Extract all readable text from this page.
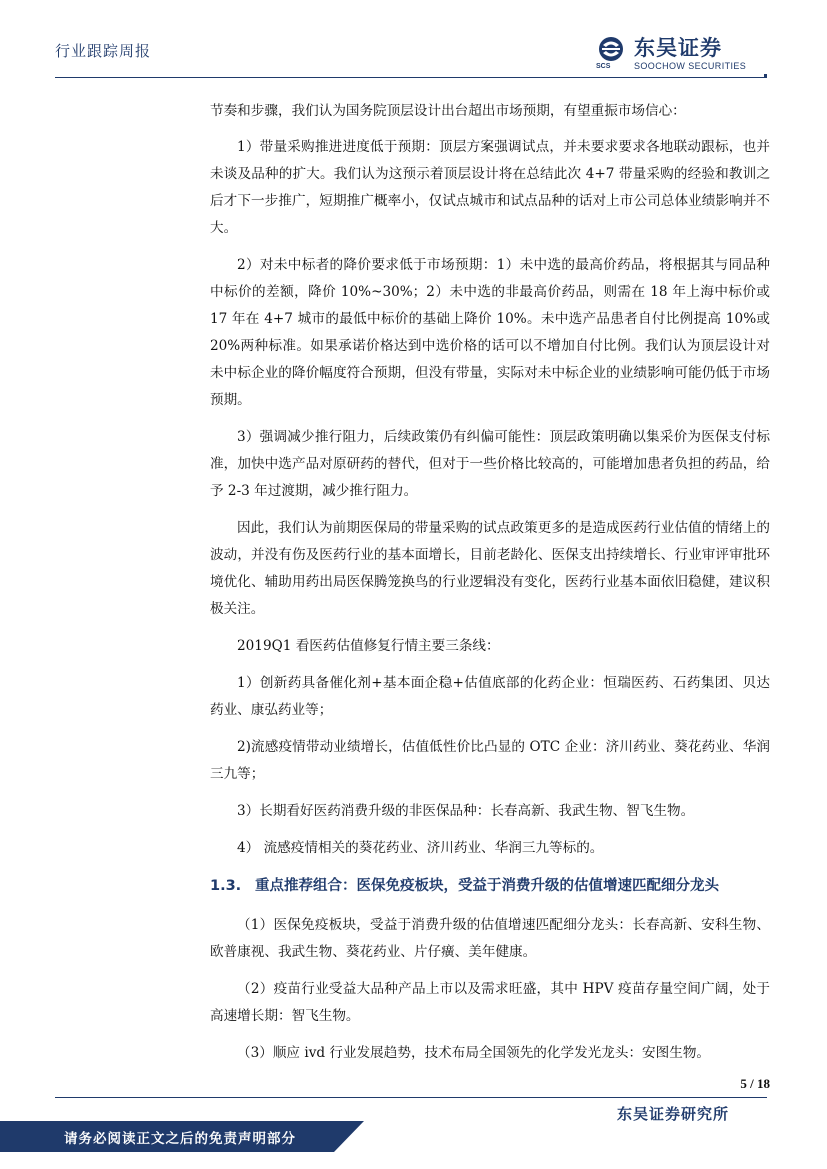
行业跟踪周报
SCS
东吴证券
SOOCHOW SECURITIES

节奏和步骤，我们认为国务院顶层设计出台超出市场预期，有望重振市场信心：

1）带量采购推进进度低于预期：顶层方案强调试点，并未要求要求各地联动跟标，也并未谈及品种的扩大。我们认为这预示着顶层设计将在总结此次 4+7 带量采购的经验和教训之后才下一步推广，短期推广概率小，仅试点城市和试点品种的话对上市公司总体业绩影响并不大。

2）对未中标者的降价要求低于市场预期：1）未中选的最高价药品，将根据其与同品种中标价的差额，降价 10%~30%；2）未中选的非最高价药品，则需在 18 年上海中标价或 17 年在 4+7 城市的最低中标价的基础上降价 10%。未中选产品患者自付比例提高 10%或 20%两种标准。如果承诺价格达到中选价格的话可以不增加自付比例。我们认为顶层设计对未中标企业的降价幅度符合预期，但没有带量，实际对未中标企业的业绩影响可能仍低于市场预期。

3）强调减少推行阻力，后续政策仍有纠偏可能性：顶层政策明确以集采价为医保支付标准，加快中选产品对原研药的替代，但对于一些价格比较高的，可能增加患者负担的药品，给予 2-3 年过渡期，减少推行阻力。

因此，我们认为前期医保局的带量采购的试点政策更多的是造成医药行业估值的情绪上的波动，并没有伤及医药行业的基本面增长，目前老龄化、医保支出持续增长、行业审评审批环境优化、辅助用药出局医保腾笼换鸟的行业逻辑没有变化，医药行业基本面依旧稳健，建议积极关注。

2019Q1 看医药估值修复行情主要三条线：

1）创新药具备催化剂+基本面企稳+估值底部的化药企业：恒瑞医药、石药集团、贝达药业、康弘药业等；

2)流感疫情带动业绩增长，估值低性价比凸显的 OTC 企业：济川药业、葵花药业、华润三九等；

3）长期看好医药消费升级的非医保品种：长春高新、我武生物、智飞生物。

4） 流感疫情相关的葵花药业、济川药业、华润三九等标的。

1.3. 重点推荐组合：医保免疫板块，受益于消费升级的估值增速匹配细分龙头

（1）医保免疫板块，受益于消费升级的估值增速匹配细分龙头：长春高新、安科生物、欧普康视、我武生物、葵花药业、片仔癀、美年健康。

（2）疫苗行业受益大品种产品上市以及需求旺盛，其中 HPV 疫苗存量空间广阔，处于高速增长期：智飞生物。

（3）顺应 ivd 行业发展趋势，技术布局全国领先的化学发光龙头：安图生物。

5 / 18
东吴证券研究所
请务必阅读正文之后的免责声明部分
